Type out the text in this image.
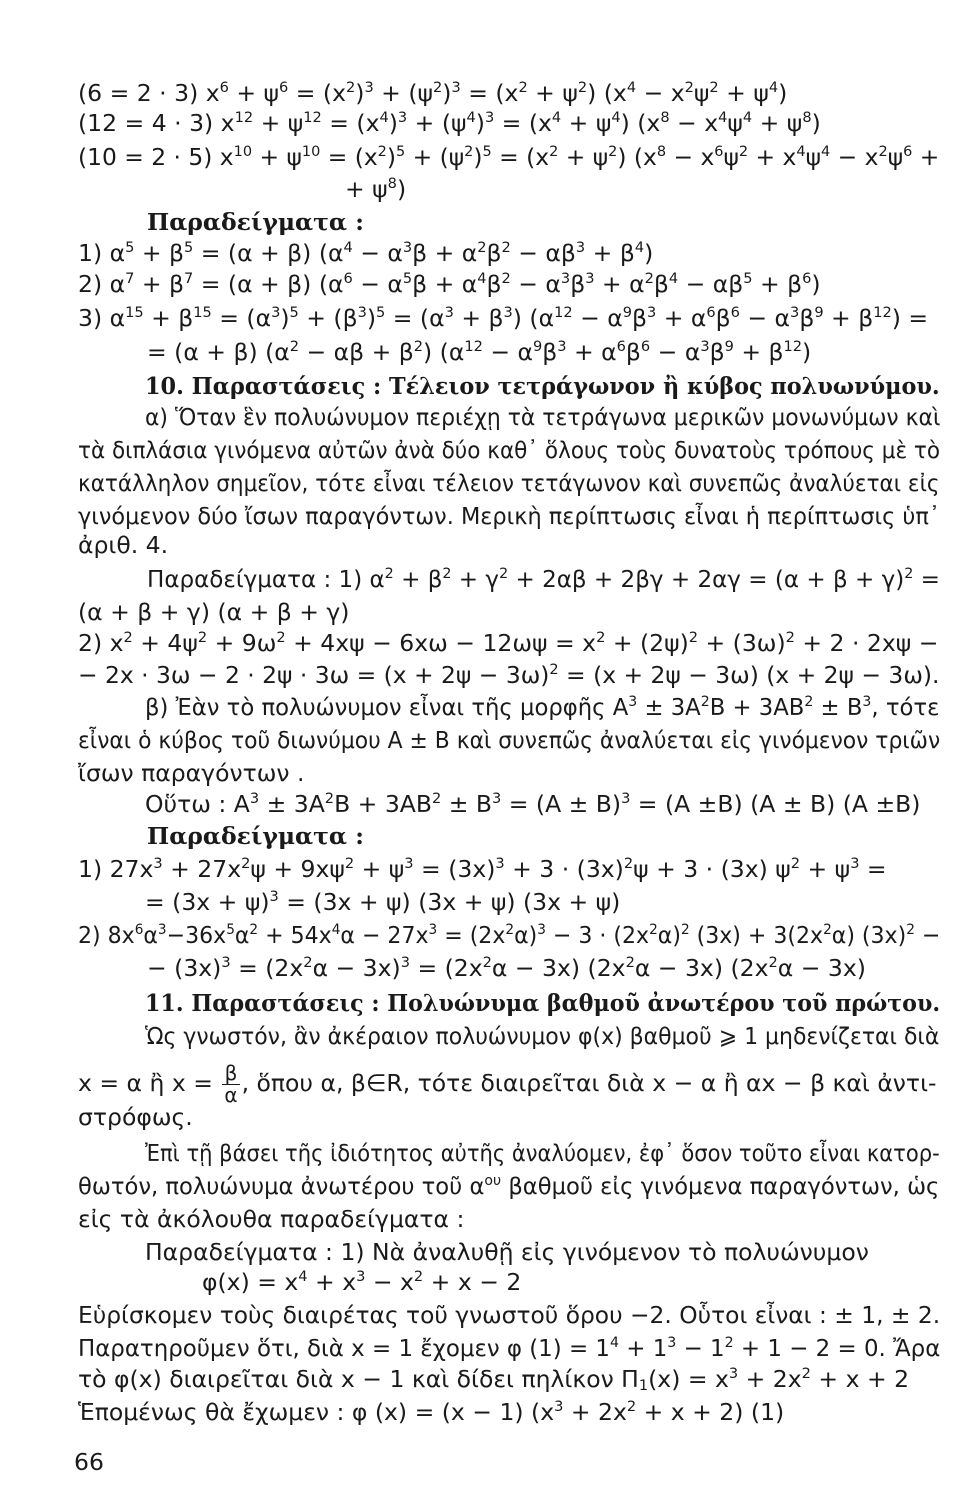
(6 = 2 · 3) $x^6 + \psi^6 = (x^2)^3 + (\psi^2)^3 = (x^2 + \psi^2) (x^4 - x^2\psi^2 + \psi^4)$
(12 = 4 · 3) $x^{12} + \psi^{12} = (x^4)^3 + (\psi^4)^3 = (x^4 + \psi^4) (x^8 - x^4\psi^4 + \psi^8)$
(10 = 2 · 5) $x^{10} + \psi^{10} = (x^2)^5 + (\psi^2)^5 = (x^2 + \psi^2) (x^8 - x^6\psi^2 + x^4\psi^4 - x^2\psi^6$ +
+ $\psi^8$)
Παραδείγματα :
1) $\alpha^5 + \beta^5 = (\alpha + \beta) (\alpha^4 - \alpha^3\beta + \alpha^2\beta^2 - \alpha\beta^3 + \beta^4)$
2) $\alpha^7 + \beta^7 = (\alpha + \beta) (\alpha^6 - \alpha^5\beta + \alpha^4\beta^2 - \alpha^3\beta^3 + \alpha^2\beta^4 - \alpha\beta^5 + \beta^6)$
3) $\alpha^{15} + \beta^{15} = (\alpha^3)^5 + (\beta^3)^5 = (\alpha^3 + \beta^3) (\alpha^{12} - \alpha^9\beta^3 + \alpha^6\beta^6 - \alpha^3\beta^9 + \beta^{12})$ =
= (α + β) $(\alpha^2 - \alpha\beta + \beta^2) (\alpha^{12} - \alpha^9\beta^3 + \alpha^6\beta^6 - \alpha^3\beta^9 + \beta^{12})$
10. Παραστάσεις : Τέλειον τετράγωνον ἢ κύβος πολυωνύμου.
α) Ὅταν ἓν πολυώνυμον περιέχῃ τὰ τετράγωνα μερικῶν μονωνύμων καὶ
τὰ διπλάσια γινόμενα αὐτῶν ἀνὰ δύο καθ᾽ ὅλους τοὺς δυνατοὺς τρόπους μὲ τὸ
κατάλληλον σημεῖον, τότε εἶναι τέλειον τετάγωνον καὶ συνεπῶς ἀναλύεται εἰς
γινόμενον δύο ἴσων παραγόντων. Μερικὴ περίπτωσις εἶναι ἡ περίπτωσις ὑπ᾽
ἀριθ. 4.
Παραδείγματα : 1) $\alpha^2 + \beta^2 + \gamma^2 + 2\alpha\beta + 2\beta\gamma + 2\alpha\gamma = (\alpha + \beta + \gamma)^2$ =
(α + β + γ) (α + β + γ)
2) $x^2 + 4\psi^2 + 9\omega^2 + 4x\psi - 6x\omega - 12\omega\psi = x^2 + (2\psi)^2 + (3\omega)^2 + 2 \cdot 2x\psi$ −
− $2x \cdot 3\omega - 2 \cdot 2\psi \cdot 3\omega = (x + 2\psi - 3\omega)^2 = (x + 2\psi - 3\omega)$ (x + 2ψ − 3ω).
β) Ἐὰν τὸ πολυώνυμον εἶναι τῆς μορφῆς $A^3 \pm 3A^2B + 3AB^2 \pm B^3$, τότε
εἶναι ὁ κύβος τοῦ διωνύμου Α ± Β καὶ συνεπῶς ἀναλύεται εἰς γινόμενον τριῶν
ἴσων παραγόντων .
Οὕτω : $A^3 \pm 3A^2B + 3AB^2 \pm B^3 = (A \pm B)^3 = (A \pm B) (A \pm B)$ (Α ±Β)
Παραδείγματα :
1) $27x^3 + 27x^2\psi + 9x\psi^2 + \psi^3 = (3x)^3 + 3 \cdot (3x)^2\psi + 3 \cdot (3x) \psi^2 + \psi^3$ =
= $(3x + \psi)^3 = (3x + \psi)$ (3x + ψ) (3x + ψ)
2) $8x^6\alpha^3-36x^5\alpha^2 + 54x^4\alpha - 27x^3 = (2x^2\alpha)^3 - 3 \cdot (2x^2\alpha)^2$ $(3x) + 3(2x^2\alpha) (3x)^2$ −
− $(3x)^3 = (2x^2\alpha - 3x)^3 = (2x^2\alpha - 3x) (2x^2\alpha - 3x) (2x^2\alpha - 3x)$
11. Παραστάσεις : Πολυώνυμα βαθμοῦ ἀνωτέρου τοῦ πρώτου.
Ὡς γνωστόν, ἂν ἀκέραιον πολυώνυμον φ(x) βαθμοῦ ⩾ 1 μηδενίζεται διὰ
x = α ἢ $x = \frac{\beta}{\alpha}$ , ὅπου α, β∈R, τότε διαιρεῖται διὰ x − α ἢ αx − β καὶ ἀντι-
στρόφως.
Ἐπὶ τῇ βάσει τῆς ἰδιότητος αὐτῆς ἀναλύομεν, ἐφ᾽ ὅσον τοῦτο εἶναι κατορ-
θωτόν, πολυώνυμα ἀνωτέρου τοῦ $\alpha^{o\upsilon}$ βαθμοῦ εἰς γινόμενα παραγόντων, ὡς
εἰς τὰ ἀκόλουθα παραδείγματα :
Παραδείγματα : 1) Νὰ ἀναλυθῇ εἰς γινόμενον τὸ πολυώνυμον
$\varphi(x) = x^4 + x^3 - x^2 + x - 2$
Εὑρίσκομεν τοὺς διαιρέτας τοῦ γνωστοῦ ὅρου −2. Οὗτοι εἶναι : ± 1, ± 2.
Παρατηροῦμεν ὅτι, διὰ x = 1 ἔχομεν φ $(1) = 1^4 + 1^3 - 1^2 + 1 - 2 = 0$. Ἄρα
τὸ φ(x) διαιρεῖται διὰ x − 1 καὶ δίδει πηλίκον $\Pi_1(x) = x^3 + 2x^2 + x + 2$
Ἑπομένως θὰ ἔχωμεν : φ (x) = (x − 1) $(x^3 + 2x^2 + x + 2)$ (1)
66
